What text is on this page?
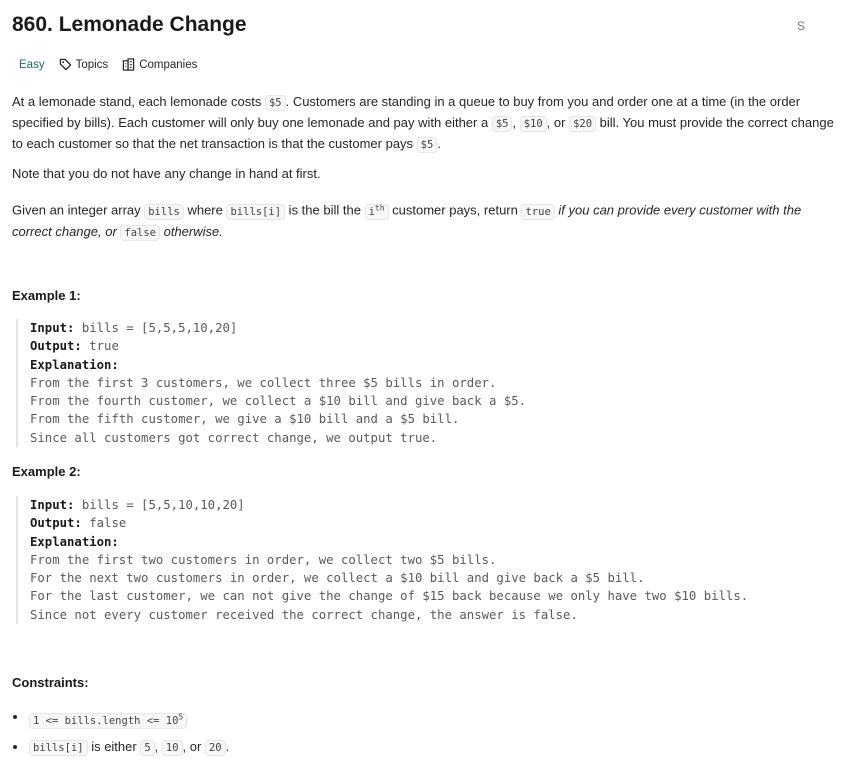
860. Lemonade Change	S
Easy	Topics	Companies

At a lemonade stand, each lemonade costs $5 . Customers are standing in a queue to buy from you and order one at a time (in the order specified by bills). Each customer will only buy one lemonade and pay with either a $5 , $10 , or $20 bill. You must provide the correct change to each customer so that the net transaction is that the customer pays $5 .

Note that you do not have any change in hand at first.

Given an integer array bills where bills[i] is the bill the $i^{th}$ customer pays, return true if you can provide every customer with the correct change, or false otherwise.

Example 1:
Input: bills = [5,5,5,10,20]
Output: true
Explanation:
From the first 3 customers, we collect three $5 bills in order.
From the fourth customer, we collect a $10 bill and give back a $5.
From the fifth customer, we give a $10 bill and a $5 bill.
Since all customers got correct change, we output true.
Example 2:
Input: bills = [5,5,10,10,20]
Output: false
Explanation:
From the first two customers in order, we collect two $5 bills.
For the next two customers in order, we collect a $10 bill and give back a $5 bill.
For the last customer, we can not give the change of $15 back because we only have two $10 bills.
Since not every customer received the correct change, the answer is false.
Constraints:
1 <= bills.length <= $10^5$
bills[i] is either 5 , 10 , or 20 .
